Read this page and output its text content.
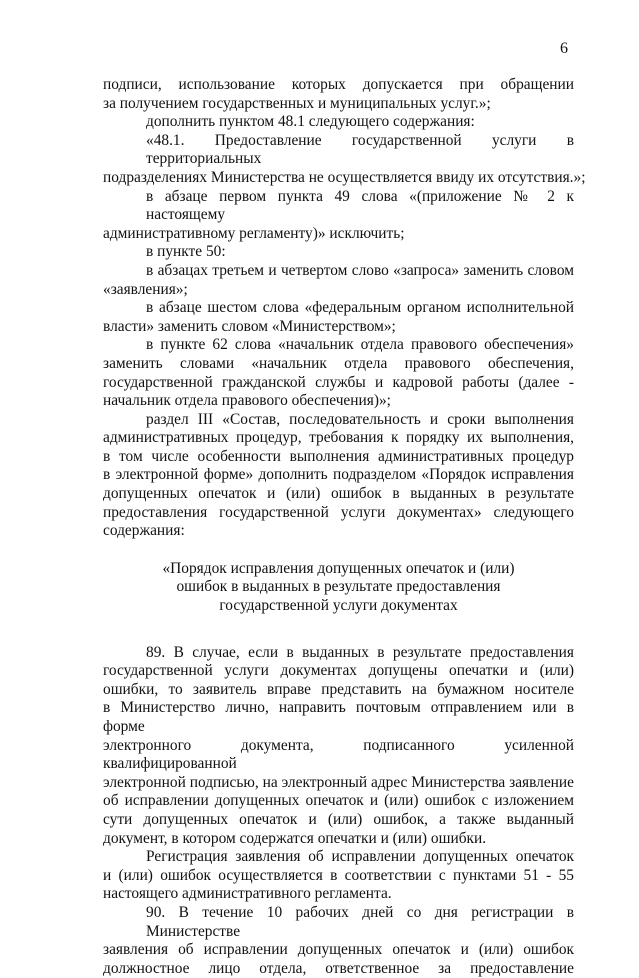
6
подписи, использование которых допускается при обращении
за получением государственных и муниципальных услуг.»;
дополнить пунктом 48.1 следующего содержания:
«48.1. Предоставление государственной услуги в территориальных
подразделениях Министерства не осуществляется ввиду их отсутствия.»;
в абзаце первом пункта 49 слова «(приложение № 2 к настоящему
административному регламенту)» исключить;
в пункте 50:
в абзацах третьем и четвертом слово «запроса» заменить словом
«заявления»;
в абзаце шестом слова «федеральным органом исполнительной
власти» заменить словом «Министерством»;
в пункте 62 слова «начальник отдела правового обеспечения»
заменить словами «начальник отдела правового обеспечения,
государственной гражданской службы и кадровой работы (далее -
начальник отдела правового обеспечения)»;
раздел III «Состав, последовательность и сроки выполнения
административных процедур, требования к порядку их выполнения,
в том числе особенности выполнения административных процедур
в электронной форме» дополнить подразделом «Порядок исправления
допущенных опечаток и (или) ошибок в выданных в результате
предоставления государственной услуги документах» следующего
содержания:
«Порядок исправления допущенных опечаток и (или)
ошибок в выданных в результате предоставления
государственной услуги документах
89. В случае, если в выданных в результате предоставления
государственной услуги документах допущены опечатки и (или)
ошибки, то заявитель вправе представить на бумажном носителе
в Министерство лично, направить почтовым отправлением или в форме
электронного документа, подписанного усиленной квалифицированной
электронной подписью, на электронный адрес Министерства заявление
об исправлении допущенных опечаток и (или) ошибок с изложением
сути допущенных опечаток и (или) ошибок, а также выданный
документ, в котором содержатся опечатки и (или) ошибки.
Регистрация заявления об исправлении допущенных опечаток
и (или) ошибок осуществляется в соответствии с пунктами 51 - 55
настоящего административного регламента.
90. В течение 10 рабочих дней со дня регистрации в Министерстве
заявления об исправлении допущенных опечаток и (или) ошибок
должностное лицо отдела, ответственное за предоставление
